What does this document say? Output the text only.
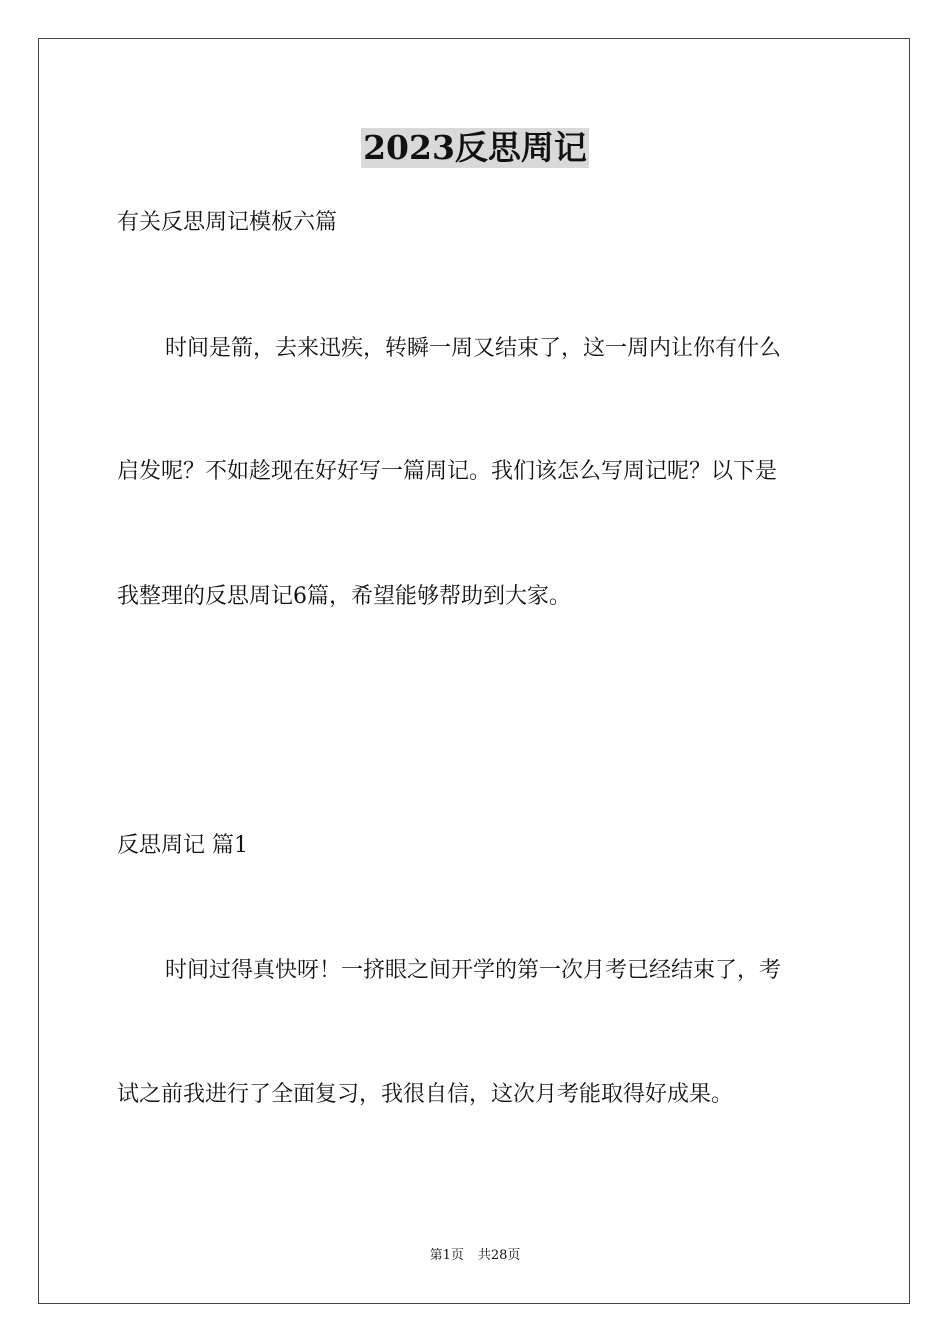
2023反思周记
有关反思周记模板六篇
时间是箭，去来迅疾，转瞬一周又结束了，这一周内让你有什么
启发呢？不如趁现在好好写一篇周记。我们该怎么写周记呢？以下是
我整理的反思周记6篇，希望能够帮助到大家。
反思周记 篇1
时间过得真快呀！一挤眼之间开学的第一次月考已经结束了，考
试之前我进行了全面复习，我很自信，这次月考能取得好成果。
第1页 共28页
